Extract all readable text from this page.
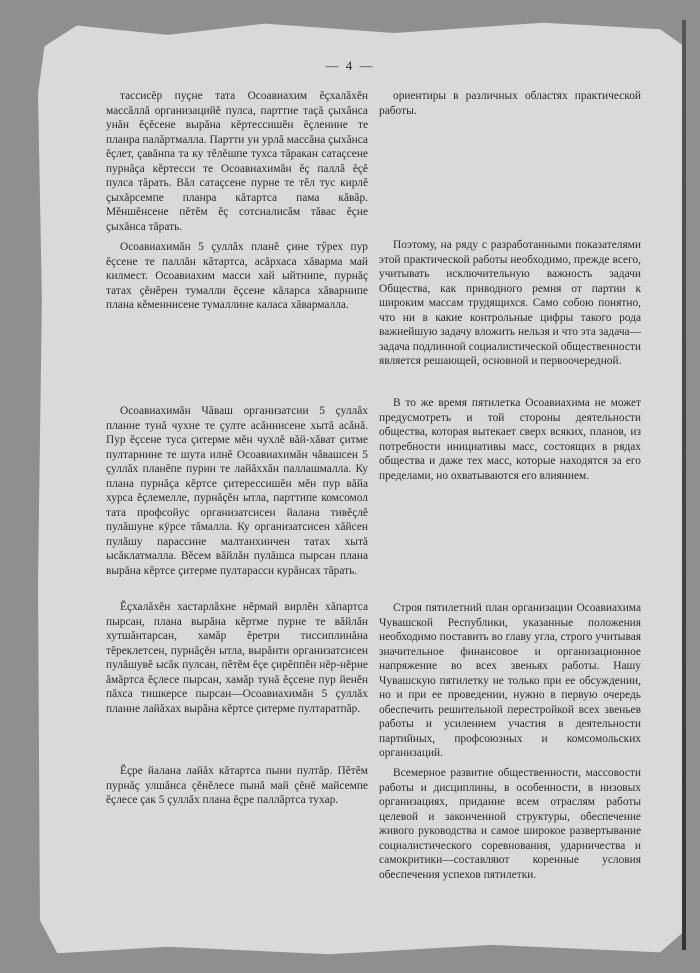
— 4 —

тассисĕр пуçне тата Осоавиахим ĕçхалăхĕн массăллă организацийĕ пулса, парттие таçă çыхăнса унăн ĕçĕсене вырăна кĕртессишĕн ĕçленине те планра палăртмалла. Партти ун урлă массăна çыхăнса ĕçлет, çавăнпа та ку тĕлĕшпе тухса тăракан сатаçсене пурнăçа кĕртесси те Осоавиахимăн ĕç паллă ĕçĕ пулса тăрать. Вăл сатаçсене пурне те тĕл тус кирлĕ çыхăрсемпе планра кăтартса пама кăвăр. Мĕншĕнсене пĕтĕм ĕç сотсиалисăм тăвас ĕçне çыхăнса тăрать.

Осоавиахимăн 5 çуллăх планĕ çине тӳрех пур ĕçсене те паллăн кăтартса, асăрхаса хăварма май килмест. Осоавиахим масси хай ыйтнипе, пурнăç татах çĕнĕрен тумалли ĕçсене кăларса хăварнипе плана кĕменнисене тумаллине каласа хăвармалла.

Осоавиахимăн Чăваш организатсии 5 çуллăх планне тунă чухне те çулте асăннисене хытă асăнă. Пур ĕçсене туса çитерме мĕн чухлĕ вăй-хăват çитме пултарнине те шута илнĕ Осоавиахимăн чăвашсен 5 çуллăх планĕпе пурин те лайăххăн паллашмалла. Ку плана пурнăçа кĕртсе çитерессишĕн мĕн пур вăйа хурса ĕçлемелле, пурнăçĕн ытла, парттипе комсомол тата профсойус организатсисен йалана тивĕçлĕ пулăшуне кÿрсе тăмалла. Ку организатсисен хăйсен пулăшу парассине малтанхинчен татах хытă ысăклатмалла. Вĕсем вăйлăн пулăшса пырсан плана вырăна кĕртсе çитерме пултарасси курăнсах тăрать.

Ĕçхалăхĕн хастарлăхне нĕрмай вирлĕн хăпартса пырсан, плана вырăна кĕртме пурне те вăйлăн хутшăнтарсан, хамăр ĕретри тиссиплинăна тĕреклетсен, пурнăçĕн ытла, вырăнти организатсисен пулăшувĕ ысăк пулсан, пĕтĕм ĕçе çирĕппĕн нĕр-нĕрне ăмăртса ĕçлесе пырсан, хамăр тунă ĕçсене пур йенĕн пăхса тишкерсе пырсан—Осоавиахимăн 5 çуллăх планне лайăхах вырăна кĕртсе çитерме пултаратпăр.

Ĕçре йалана лайăх кăтартса пыни пултăр. Пĕтĕм пурнăç улшăнса çĕнĕлесе пынă май çĕнĕ майсемпе ĕçлесе çак 5 çуллăх плана ĕçре паллăртса тухар.

ориентиры в различных областях практической работы.

Поэтому, на ряду с разработанными показателями этой практической работы необходимо, прежде всего, учитывать исключительную важность задачи Общества, как приводного ремня от партии к широким массам трудящихся. Само собою понятно, что ни в какие контрольные цифры такого рода важнейшую задачу вложить нельзя и что эта задача—задача подлинной социалистической общественности является решающей, основной и первоочередной.

В то же время пятилетка Осоавиахима не может предусмотреть и той стороны деятельности общества, которая вытекает сверх всяких, планов, из потребности инициативы масс, состоящих в рядах общества и даже тех масс, которые находятся за его пределами, но охватываются его влиянием.

Строя пятилетний план организации Осоавиахима Чувашской Республики, указанные положения необходимо поставить во главу угла, строго учитывая значительное финансовое и организационное напряжение во всех звеньях работы. Нашу Чувашскую пятилетку не только при ее обсуждении, но и при ее проведении, нужно в первую очередь обеспечить решительной перестройкой всех звеньев работы и усилением участия в деятельности партийных, профсоюзных и комсомольских организаций.

Всемерное развитие общественности, массовости работы и дисциплины, в особенности, в низовых организациях, придание всем отраслям работы целевой и законченной структуры, обеспечение живого руководства и самое широкое развертывание социалистического соревнования, ударничества и самокритики—составляют коренные условия обеспечения успехов пятилетки.
